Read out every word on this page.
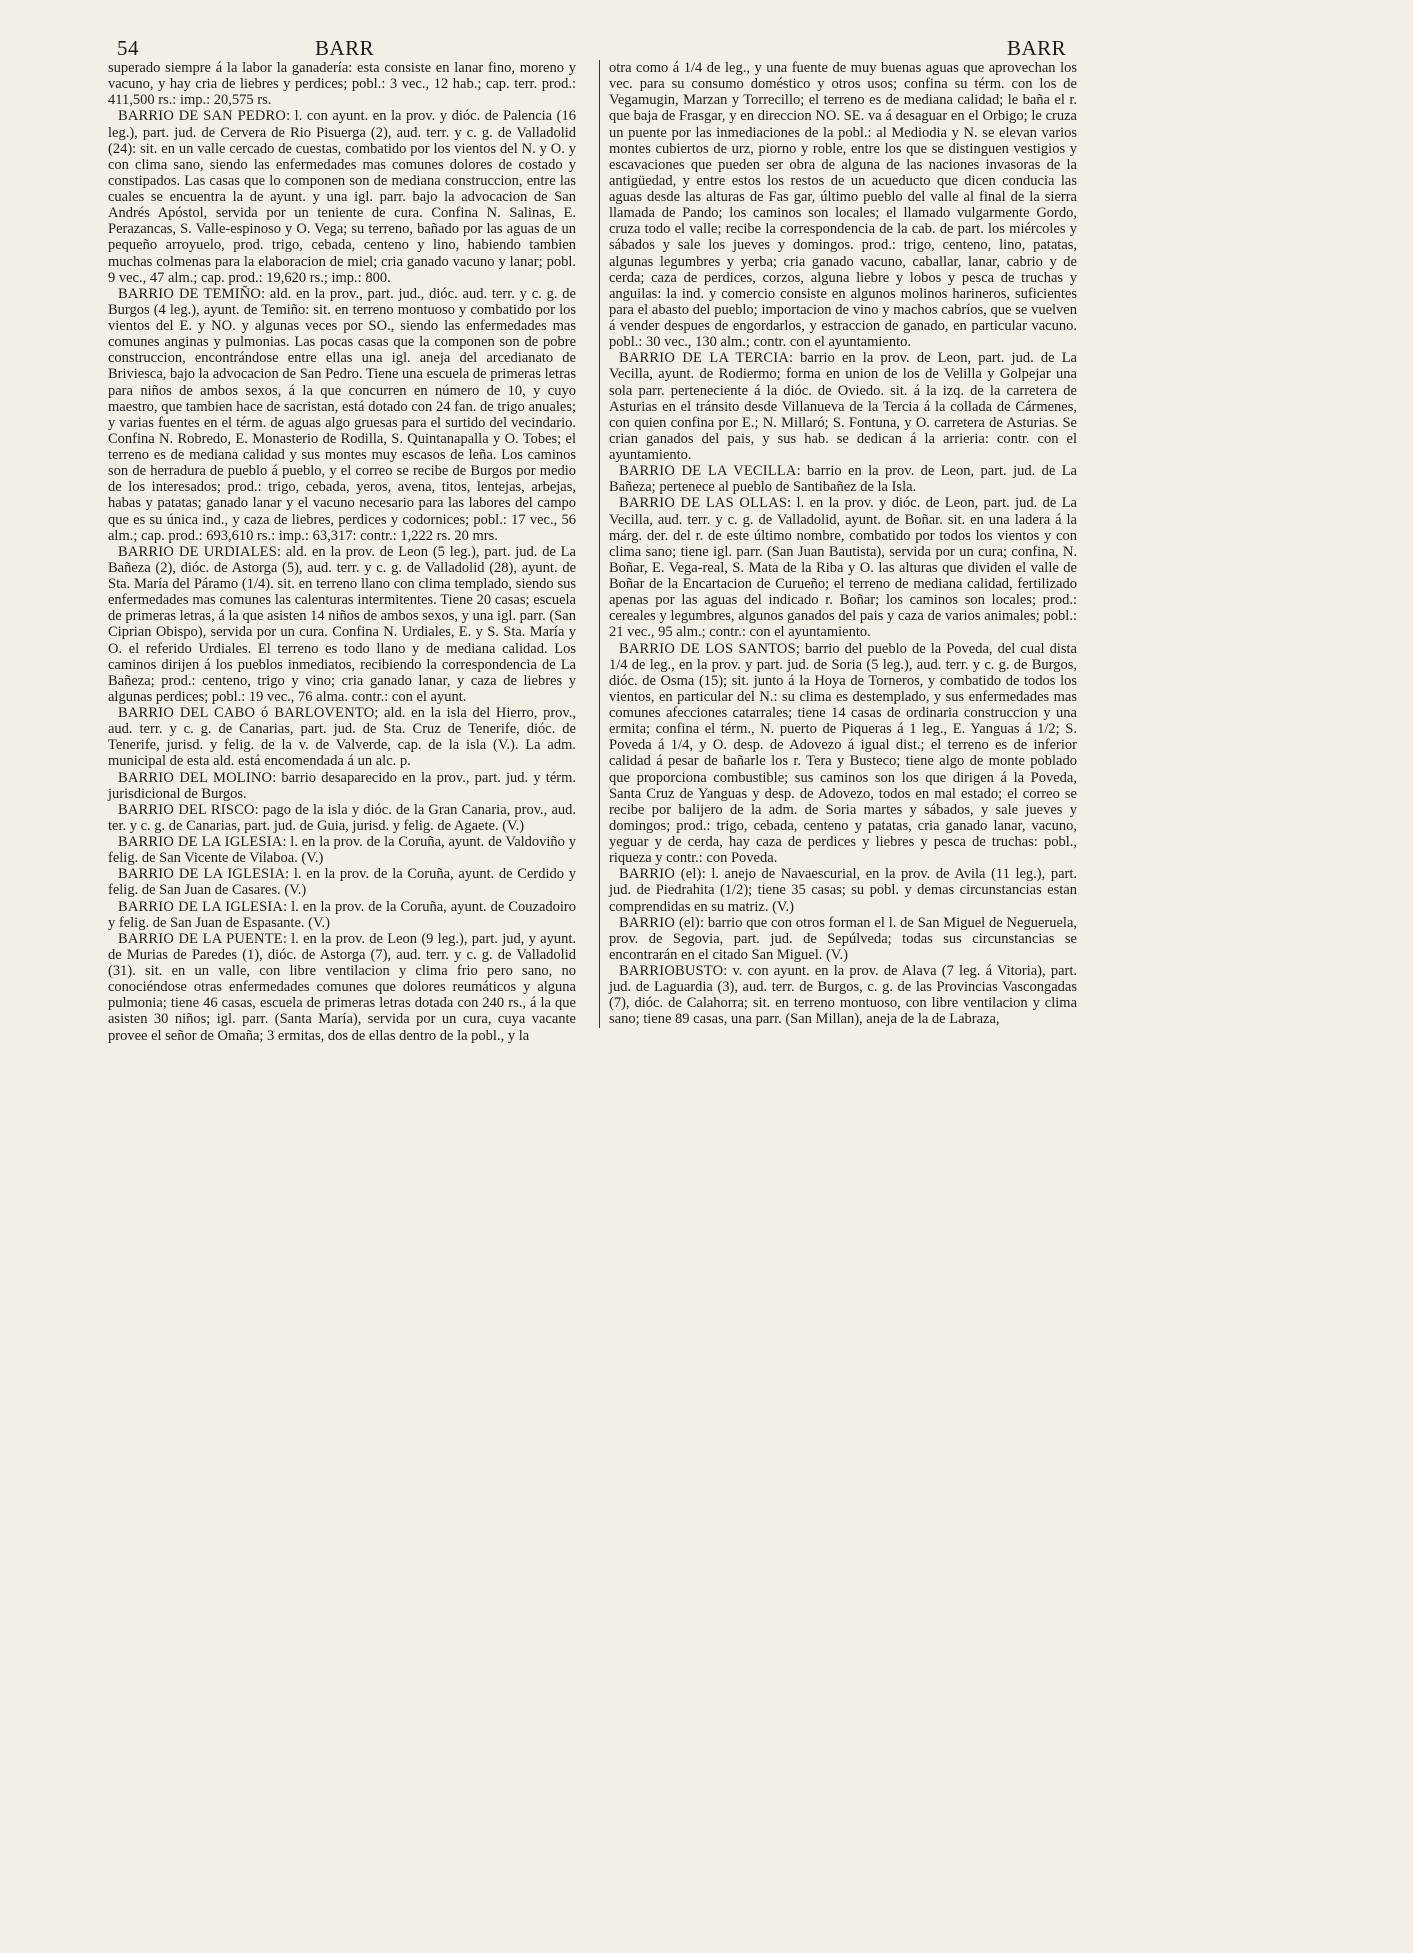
54	BARR	BARR

superado siempre á la labor la ganadería: esta consiste en lanar fino, moreno y vacuno, y hay cria de liebres y perdices; pobl.: 3 vec., 12 hab.; cap. terr. prod.: 411,500 rs.: imp.: 20,575 rs.

BARRIO DE SAN PEDRO: l. con ayunt. en la prov. y dióc. de Palencia (16 leg.), part. jud. de Cervera de Rio Pisuerga (2), aud. terr. y c. g. de Valladolid (24): sit. en un valle cercado de cuestas, combatido por los vientos del N. y O. y con clima sano, siendo las enfermedades mas comunes dolores de costado y constipados. Las casas que lo componen son de mediana construccion, entre las cuales se encuentra la de ayunt. y una igl. parr. bajo la advocacion de San Andrés Apóstol, servida por un teniente de cura. Confina N. Salinas, E. Perazancas, S. Valle-espinoso y O. Vega; su terreno, bañado por las aguas de un pequeño arroyuelo, prod. trigo, cebada, centeno y lino, habiendo tambien muchas colmenas para la elaboracion de miel; cria ganado vacuno y lanar; pobl. 9 vec., 47 alm.; cap. prod.: 19,620 rs.; imp.: 800.

BARRIO DE TEMIÑO: ald. en la prov., part. jud., dióc. aud. terr. y c. g. de Burgos (4 leg.), ayunt. de Temiño: sit. en terreno montuoso y combatido por los vientos del E. y NO. y algunas veces por SO., siendo las enfermedades mas comunes anginas y pulmonias. Las pocas casas que la componen son de pobre construccion, encontrándose entre ellas una igl. aneja del arcedianato de Briviesca, bajo la advocacion de San Pedro. Tiene una escuela de primeras letras para niños de ambos sexos, á la que concurren en número de 10, y cuyo maestro, que tambien hace de sacristan, está dotado con 24 fan. de trigo anuales; y varias fuentes en el térm. de aguas algo gruesas para el surtido del vecindario. Confina N. Robredo, E. Monasterio de Rodilla, S. Quintanapalla y O. Tobes; el terreno es de mediana calidad y sus montes muy escasos de leña. Los caminos son de herradura de pueblo á pueblo, y el correo se recibe de Burgos por medio de los interesados; prod.: trigo, cebada, yeros, avena, titos, lentejas, arbejas, habas y patatas; ganado lanar y el vacuno necesario para las labores del campo que es su única ind., y caza de liebres, perdices y codornices; pobl.: 17 vec., 56 alm.; cap. prod.: 693,610 rs.: imp.: 63,317: contr.: 1,222 rs. 20 mrs.

BARRIO DE URDIALES: ald. en la prov. de Leon (5 leg.), part. jud. de La Bañeza (2), dióc. de Astorga (5), aud. terr. y c. g. de Valladolid (28), ayunt. de Sta. María del Páramo (1/4). sit. en terreno llano con clima templado, siendo sus enfermedades mas comunes las calenturas intermitentes. Tiene 20 casas; escuela de primeras letras, á la que asisten 14 niños de ambos sexos, y una igl. parr. (San Ciprian Obispo), servida por un cura. Confina N. Urdiales, E. y S. Sta. María y O. el referido Urdiales. El terreno es todo llano y de mediana calidad. Los caminos dirijen á los pueblos inmediatos, recibiendo la correspondencia de La Bañeza; prod.: centeno, trigo y vino; cria ganado lanar, y caza de liebres y algunas perdices; pobl.: 19 vec., 76 alma. contr.: con el ayunt.

BARRIO DEL CABO ó BARLOVENTO; ald. en la isla del Hierro, prov., aud. terr. y c. g. de Canarias, part. jud. de Sta. Cruz de Tenerife, dióc. de Tenerife, jurisd. y felig. de la v. de Valverde, cap. de la isla (V.). La adm. municipal de esta ald. está encomendada á un alc. p.

BARRIO DEL MOLINO: barrio desaparecido en la prov., part. jud. y térm. jurisdicional de Burgos.

BARRIO DEL RISCO: pago de la isla y dióc. de la Gran Canaria, prov., aud. ter. y c. g. de Canarias, part. jud. de Guia, jurisd. y felig. de Agaete. (V.)

BARRIO DE LA IGLESIA: l. en la prov. de la Coruña, ayunt. de Valdoviño y felig. de San Vicente de Vilaboa. (V.)

BARRIO DE LA IGLESIA: l. en la prov. de la Coruña, ayunt. de Cerdido y felig. de San Juan de Casares. (V.)

BARRIO DE LA IGLESIA: l. en la prov. de la Coruña, ayunt. de Couzadoiro y felig. de San Juan de Espasante. (V.)

BARRIO DE LA PUENTE: l. en la prov. de Leon (9 leg.), part. jud, y ayunt. de Murias de Paredes (1), dióc. de Astorga (7), aud. terr. y c. g. de Valladolid (31). sit. en un valle, con libre ventilacion y clima frio pero sano, no conociéndose otras enfermedades comunes que dolores reumáticos y alguna pulmonia; tiene 46 casas, escuela de primeras letras dotada con 240 rs., á la que asisten 30 niños; igl. parr. (Santa María), servida por un cura, cuya vacante provee el señor de Omaña; 3 ermitas, dos de ellas dentro de la pobl., y la

otra como á 1/4 de leg., y una fuente de muy buenas aguas que aprovechan los vec. para su consumo doméstico y otros usos; confina su térm. con los de Vegamugin, Marzan y Torrecillo; el terreno es de mediana calidad; le baña el r. que baja de Frasgar, y en direccion NO. SE. va á desaguar en el Orbigo; le cruza un puente por las inmediaciones de la pobl.: al Mediodia y N. se elevan varios montes cubiertos de urz, piorno y roble, entre los que se distinguen vestigios y escavaciones que pueden ser obra de alguna de las naciones invasoras de la antigüedad, y entre estos los restos de un acueducto que dicen conducia las aguas desde las alturas de Fas gar, último pueblo del valle al final de la sierra llamada de Pando; los caminos son locales; el llamado vulgarmente Gordo, cruza todo el valle; recibe la correspondencia de la cab. de part. los miércoles y sábados y sale los jueves y domingos. prod.: trigo, centeno, lino, patatas, algunas legumbres y yerba; cria ganado vacuno, caballar, lanar, cabrio y de cerda; caza de perdices, corzos, alguna liebre y lobos y pesca de truchas y anguilas: la ind. y comercio consiste en algunos molinos harineros, suficientes para el abasto del pueblo; importacion de vino y machos cabríos, que se vuelven á vender despues de engordarlos, y estraccion de ganado, en particular vacuno. pobl.: 30 vec., 130 alm.; contr. con el ayuntamiento.

BARRIO DE LA TERCIA: barrio en la prov. de Leon, part. jud. de La Vecilla, ayunt. de Rodiermo; forma en union de los de Velilla y Golpejar una sola parr. perteneciente á la dióc. de Oviedo. sit. á la izq. de la carretera de Asturias en el tránsito desde Villanueva de la Tercia á la collada de Cármenes, con quien confina por E.; N. Millaró; S. Fontuna, y O. carretera de Asturias. Se crian ganados del pais, y sus hab. se dedican á la arrieria: contr. con el ayuntamiento.

BARRIO DE LA VECILLA: barrio en la prov. de Leon, part. jud. de La Bañeza; pertenece al pueblo de Santibañez de la Isla.

BARRIO DE LAS OLLAS: l. en la prov. y dióc. de Leon, part. jud. de La Vecilla, aud. terr. y c. g. de Valladolid, ayunt. de Boñar. sit. en una ladera á la márg. der. del r. de este último nombre, combatido por todos los vientos y con clima sano; tiene igl. parr. (San Juan Bautista), servida por un cura; confina, N. Boñar, E. Vega-real, S. Mata de la Riba y O. las alturas que dividen el valle de Boñar de la Encartacion de Curueño; el terreno de mediana calidad, fertilizado apenas por las aguas del indicado r. Boñar; los caminos son locales; prod.: cereales y legumbres, algunos ganados del pais y caza de varios animales; pobl.: 21 vec., 95 alm.; contr.: con el ayuntamiento.

BARRIO DE LOS SANTOS; barrio del pueblo de la Poveda, del cual dista 1/4 de leg., en la prov. y part. jud. de Soria (5 leg.), aud. terr. y c. g. de Burgos, dióc. de Osma (15); sit. junto á la Hoya de Torneros, y combatido de todos los vientos, en particular del N.: su clima es destemplado, y sus enfermedades mas comunes afecciones catarrales; tiene 14 casas de ordinaria construccion y una ermita; confina el térm., N. puerto de Piqueras á 1 leg., E. Yanguas á 1/2; S. Poveda á 1/4, y O. desp. de Adovezo á igual dist.; el terreno es de inferior calidad á pesar de bañarle los r. Tera y Busteco; tiene algo de monte poblado que proporciona combustible; sus caminos son los que dirigen á la Poveda, Santa Cruz de Yanguas y desp. de Adovezo, todos en mal estado; el correo se recibe por balijero de la adm. de Soria martes y sábados, y sale jueves y domingos; prod.: trigo, cebada, centeno y patatas, cria ganado lanar, vacuno, yeguar y de cerda, hay caza de perdices y liebres y pesca de truchas: pobl., riqueza y contr.: con Poveda.

BARRIO (el): l. anejo de Navaescurial, en la prov. de Avila (11 leg.), part. jud. de Piedrahita (1/2); tiene 35 casas; su pobl. y demas circunstancias estan comprendidas en su matriz. (V.)

BARRIO (el): barrio que con otros forman el l. de San Miguel de Negueruela, prov. de Segovia, part. jud. de Sepúlveda; todas sus circunstancias se encontrarán en el citado San Miguel. (V.)

BARRIOBUSTO: v. con ayunt. en la prov. de Alava (7 leg. á Vitoria), part. jud. de Laguardia (3), aud. terr. de Burgos, c. g. de las Provincias Vascongadas (7), dióc. de Calahorra; sit. en terreno montuoso, con libre ventilacion y clima sano; tiene 89 casas, una parr. (San Millan), aneja de la de Labraza,
